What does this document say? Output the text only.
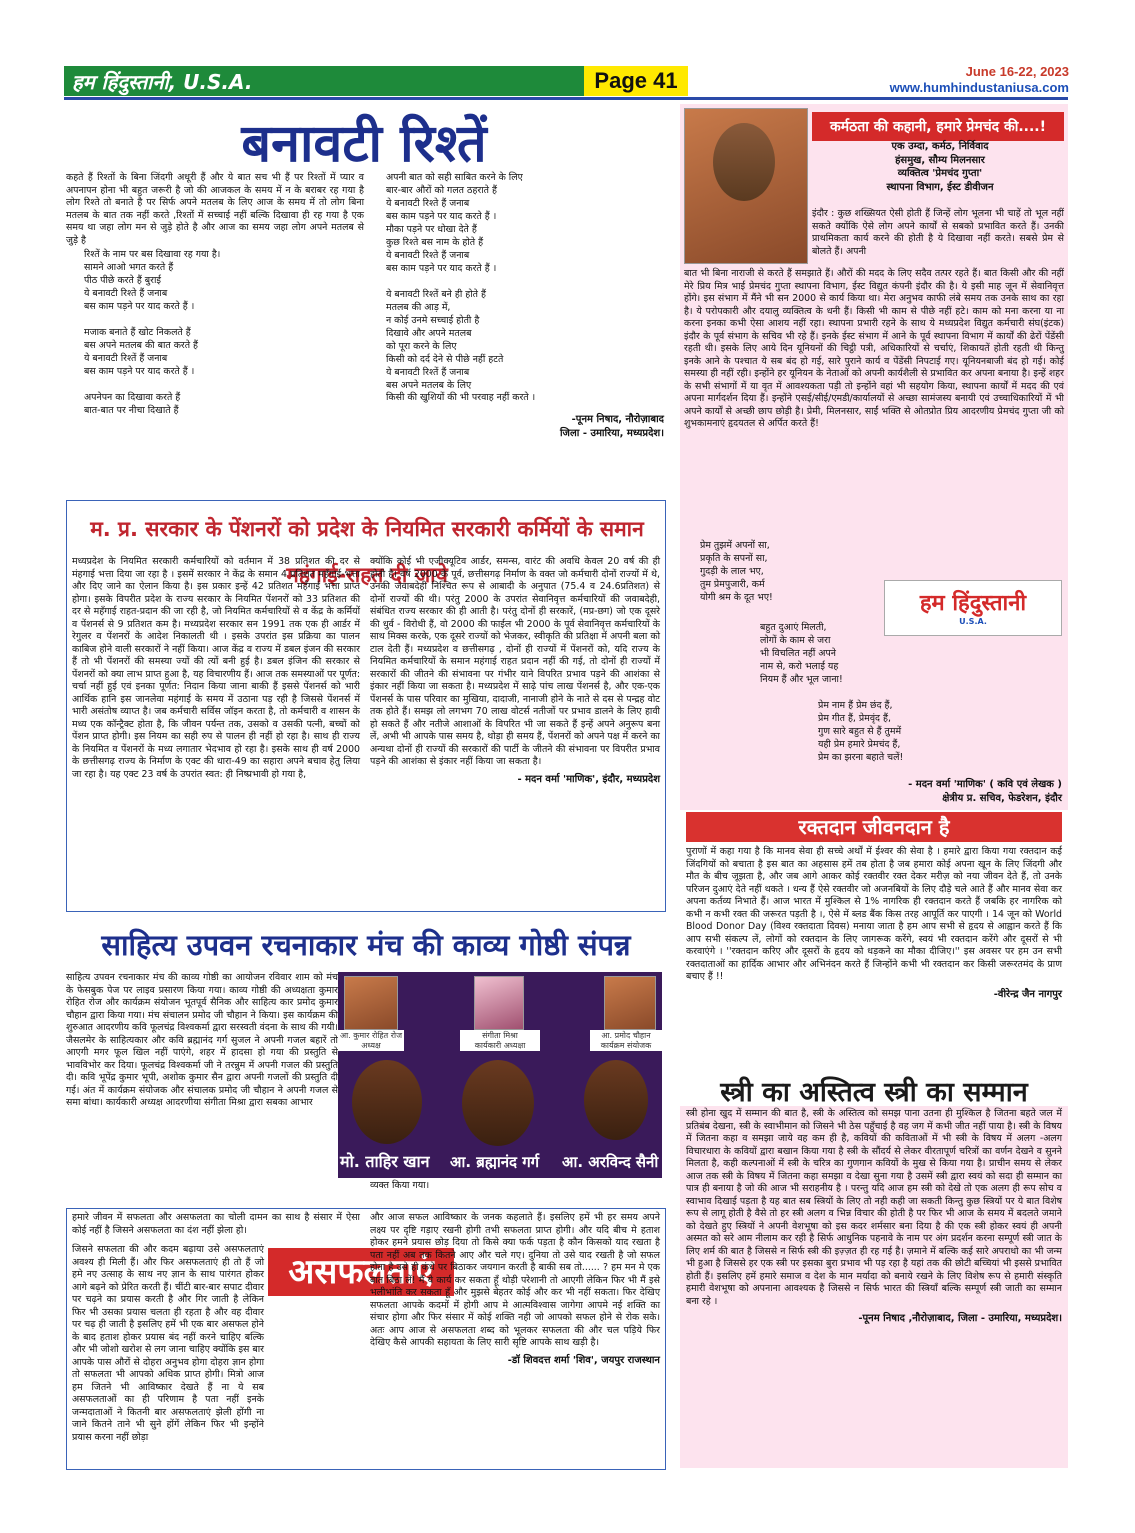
हम हिंदुस्तानी, U.S.A.	Page 41	June 16-22, 2023
www.humhindustaniusa.com
बनावटी रिश्तें

कहते हैं रिश्तों के बिना जिंदगी अधूरी हैं और ये बात सच भी हैं पर रिश्तों में प्यार व अपनापन होना भी बहुत जरूरी है जो की आजकल के समय में न के बराबर रह गया है लोग रिश्ते तो बनाते है पर सिर्फ अपने मतलब के लिए आज के समय में तो लोग बिना मतलब के बात तक नहीं करते ,रिश्तों में सच्चाई नहीं बल्कि दिखावा ही रह गया है एक समय था जहा लोग मन से जुड़े होते है और आज का समय जहा लोग अपने मतलब से जुड़े है

रिश्तें के नाम पर बस दिखावा रह गया है।
सामने आओ भगत करते हैं
पीठ पीछे करते हैं बुराई
ये बनावटी रिश्ते हैं जनाब
बस काम पड़ने पर याद करते हैं ।

मजाक बनाते हैं खोट निकलते हैं
बस अपने मतलब की बात करते हैं
ये बनावटी रिश्तें हैं जनाब
बस काम पड़ने पर याद करते हैं ।

अपनेपन का दिखावा करते हैं
बात-बात पर नीचा दिखाते हैं
अपनी बात को सही साबित करने के लिए
बार-बार औरों को गलत ठहराते हैं
ये बनावटी रिश्ते हैं जनाब
बस काम पड़ने पर याद करते हैं ।
मौका पड़ने पर धोखा देते हैं
कुछ रिश्ते बस नाम के होते हैं
ये बनावटी रिश्ते हैं जनाब
बस काम पड़ने पर याद करते हैं ।

ये बनावटी रिश्तें बने ही होते हैं
मतलब की आड़ में,
न कोई उनमे सच्चाई होती है
दिखावे और अपने मतलब
को पूरा करने के लिए
किसी को दर्द देने से पीछे नहीं हटते
ये बनावटी रिश्तें हैं जनाब
बस अपने मतलब के लिए
किसी की खुशियों की भी परवाह नहीं करते ।
-पूनम निषाद, नौरोज़ाबाद
जिला - उमारिया, मध्यप्रदेश।
म. प्र. सरकार के पेंशनरों को प्रदेश के नियमित सरकारी कर्मियों के समान महंगाई-राहत दी जाये

मध्यप्रदेश के नियमित सरकारी कर्मचारियों को वर्तमान में 38 प्रतिशत की दर से मंहगाई भत्ता दिया जा रहा है । इसमें सरकार ने केंद्र के समान 4 प्रतिशत महँगाई-भत्ता और दिए जाने का ऐलान किया है। इस प्रकार इन्हें 42 प्रतिशत महँगाई भत्ता प्राप्त होगा। इसके विपरीत प्रदेश के राज्य सरकार के नियमित पेंशनरों को 33 प्रतिशत की दर से महँगाई राहत-प्रदान की जा रही है, जो नियमित कर्मचारियों से व केंद्र के कर्मियों व पेंशनर्स से 9 प्रतिशत कम है। मध्यप्रदेश सरकार सन 1991 तक एक ही आर्डर में रेगुलर व पेंशनरों के आदेश निकालती थी । इसके उपरांत इस प्रक्रिया का पालन काबिज होने वाली सरकारों ने नहीं किया। आज केंद्र व राज्य में डबल इंजन की सरकार हैं तो भी पेंशनरों की समस्या ज्यों की त्यों बनी हुई है। डबल इंजिन की सरकार से पेंशनरों को क्या लाभ प्राप्त हुआ है, यह विचारणीय हैं। आज तक समस्याओं पर पूर्णत: चर्चा नहीं हुई एवं इनका पूर्णत: निदान किया जाना बाकी हैं इससे पेंशनर्स को भारी आर्थिक हानि इस जानलेवा महंगाई के समय में उठाना पड़ रही है जिससे पेंशनर्स में भारी असंतोष व्याप्त है। जब कर्मचारी सर्विस जॉइन करता है, तो कर्मचारी व शासन के मध्य एक कॉन्ट्रैक्ट होता है, कि जीवन पर्यन्त तक, उसको व उसकी पत्नी, बच्चों को पेंशन प्राप्त होगी। इस नियम का सही रुप से पालन ही नहीं हो रहा है। साथ ही राज्य के नियमित व पेंशनरों के मध्य लगातार भेदभाव हो रहा है। इसके साथ ही वर्ष 2000 के छत्तीसगढ़ राज्य के निर्माण के एक्ट की धारा-49 का सहारा अपने बचाव हेतु लिया जा रहा है। यह एक्ट 23 वर्ष के उपरांत स्वत: ही निष्प्रभावी हो गया है,

क्योंकि कोई भी एजीक्यूटिव आर्डर, समन्स, वारंट की अवधि केवल 20 वर्ष की ही होती है। वर्ष 2000 के पूर्व, छत्तीसगढ़ निर्माण के वक्त जो कर्मचारी दोनों राज्यों में थे, उनकी जवाबदेही निश्चित रूप से आबादी के अनुपात (75.4 व 24.6प्रतिशत) से दोनों राज्यों की थी। परंतु 2000 के उपरांत सेवानिवृत्त कर्मचारियों की जवाबदेही, संबंधित राज्य सरकार की ही आती है। परंतु दोनों ही सरकारें, (मप्र-छग) जो एक दूसरे की धुर्व - विरोधी हैं, वो 2000 की फाईल भी 2000 के पूर्व सेवानिवृत्त कर्मचारियों के साथ मिक्स करके, एक दूसरे राज्यों को भेजकर, स्वीकृति की प्रतिक्षा में अपनी बला को टाल देती हैं। मध्यप्रदेश व छत्तीसगढ़ , दोनों ही राज्यों में पेंशनरों को, यदि राज्य के नियमित कर्मचारियों के समान महंगाई राहत प्रदान नहीं की गई, तो दोनों ही राज्यों में सरकारों की जीतने की संभावना पर गंभीर याने विपरित प्रभाव पड़ने की आशंका से इंकार नहीं किया जा सकता है। मध्यप्रदेश में साढ़े पांच लाख पेंशनर्स है, और एक-एक पेंशनर्स के पास परिवार का मुखिया, दादाजी, नानाजी होने के नाते से दस से पन्द्रह वोट तक होते हैं। समझ लो लगभग 70 लाख वोटर्स नतीजों पर प्रभाव डालने के लिए हावी हो सकते हैं और नतीजे आशाओं के विपरित भी जा सकते हैं इन्हें अपने अनुरूप बना लें, अभी भी आपके पास समय है, थोड़ा ही समय हैं, पेंशनरों को अपने पक्ष में करने का अन्यथा दोनों ही राज्यों की सरकारों की पार्टी के जीतने की संभावना पर विपरीत प्रभाव पड़ने की आशंका से इंकार नहीं किया जा सकता है।

- मदन वर्मा 'माणिक', इंदौर, मध्यप्रदेश
साहित्य उपवन रचनाकार मंच की काव्य गोष्ठी संपन्न

साहित्य उपवन रचनाकार मंच की काव्य गोष्ठी का आयोजन रविवार शाम को मंच के फेसबुक पेज पर लाइव प्रसारण किया गया। काव्य गोष्ठी की अध्यक्षता कुमार रोहित रोज और कार्यक्रम संयोजन भूतपूर्व सैनिक और साहित्य कार प्रमोद कुमार चौहान द्वारा किया गया। मंच संचालन प्रमोद जी चौहान ने किया। इस कार्यक्रम की शुरुआत आदरणीय कवि फूलचंद्र विश्वकर्मा द्वारा सरस्वती वंदना के साथ की गयी। जैसलमेर के साहित्यकार और कवि ब्रह्मानंद गर्ग सुजल ने अपनी गजल बहारें तो आएगी मगर फूल खिल नहीं पाएंगे, शहर में हादसा हो गया की प्रस्तुति से भावविभोर कर दिया। फूलचंद्र विश्वकर्मा जी ने तरन्नुम में अपनी गजल की प्रस्तुति दी। कवि भूपेंद्र कुमार भूपी, अशोक कुमार सैन द्वारा अपनी गजलों की प्रस्तुति दी गई। अंत में कार्यक्रम संयोजक और संचालक प्रमोद जी चौहान ने अपनी गजल से समा बांधा। कार्यकारी अध्यक्ष आदरणीया संगीता मिश्रा द्वारा सबका आभार

व्यक्त किया गया।

आ. कुमार रोहित रोज
अध्यक्ष
संगीता मिश्रा
कार्यकारी अध्यक्षा
आ. प्रमोद चौहान
कार्यक्रम संयोजक
मो. ताहिर खान आ. ब्रह्मानंद गर्ग आ. अरविन्द सैनी

हमारे जीवन में सफलता और असफलता का चोली दामन का साथ है संसार में ऐसा कोई नहीं है जिसने असफलता का दंश नहीं झेला हो।

जिसने सफलता की और कदम बढ़ाया उसे असफलताएं अवश्य ही मिली हैं। और फिर असफलताएं ही तो हैं जो हमे नए उत्साह के साथ नए ज्ञान के साथ पारंगत होकर आगे बढ़ने को प्रेरित करती हैं। चींटी बार-बार सपाट दीवार पर चढ़ने का प्रयास करती है और गिर जाती है लेकिन फिर भी उसका प्रयास चलता ही रहता है और वह दीवार पर चढ़ ही जाती है इसलिए हमें भी एक बार असफल होने के बाद हताश होकर प्रयास बंद नहीं करने चाहिए बल्कि और भी जोशो खरोश से लग जाना चाहिए क्योंकि इस बार आपके पास औरों से दोहरा अनुभव होगा दोहरा ज्ञान होगा तो सफलता भी आपको अधिक प्राप्त होगी। मित्रो आज हम जितने भी आविष्कार देखते हैं ना ये सब असफलताओं का ही परिणाम है पता नहीं इनके जन्मदाताओं ने कितनी बार असफलताएं झेली होंगी ना जाने कितने ताने भी सुने होंगें लेकिन फिर भी इन्होंने प्रयास करना नहीं छोड़ा

असफलताएं

और आज सफल आविष्कार के जनक कहलाते हैं। इसलिए हमें भी हर समय अपने लक्ष्य पर दृष्टि गड़ाए रखनी होगी तभी सफलता प्राप्त होगी। और यदि बीच मे हताश होकर हमने प्रयास छोड़ दिया तो किसे क्या फर्क पड़ता है कौन किसको याद रखता है पता नहीं अब तक कितने आए और चले गए। दुनिया तो उसे याद रखती है जो सफल होता है उसे ही कंधे पर बिठाकर जयगान करती है बाकी सब तो...... ? हम मन मे एक बात बिठा लें! मैं ये कार्य कर सकता हूँ थोड़ी परेशानी तो आएगी लेकिन फिर भी मैं इसे भलीभांति कर सकता हूँ और मुझसे बेहतर कोई और कर भी नहीं सकता। फिर देखिए सफलता आपके कदमों में होगी आप मे आत्मविश्वास जागेगा आपमे नई शक्ति का संचार होगा और फिर संसार में कोई शक्ति नही जो आपको सफल होने से रोक सके। अतः आप आज से असफलता शब्द को भूलकर सफलता की और चल पड़िये फिर देखिए कैसे आपकी सहायता के लिए सारी सृष्टि आपके साथ खड़ी है।

-डॉ शिवदत्त शर्मा 'शिव', जयपुर राजस्थान
कर्मठता की कहानी, हमारे प्रेमचंद की....!
एक उम्दा, कर्मठ, निर्विवाद
हंसमुख, सौम्य मिलनसार
व्यक्तित्व 'प्रेमचंद गुप्ता'
स्थापना विभाग, ईस्ट डीवीजन

इंदौर : कुछ शख्सियत ऐसी होती हैं जिन्हें लोग भूलना भी चाहें तो भूल नहीं सकते क्योंकि ऐसे लोग अपने कार्यों से सबको प्रभावित करते हैं। उनकी प्राथमिकता कार्य करने की होती है ये दिखावा नहीं करते। सबसे प्रेम से बोलते हैं। अपनी

बात भी बिना नाराजी से करते हैं समझाते हैं। औरों की मदद के लिए सदैव तत्पर रहते हैं। बात किसी और की नहीं मेरे प्रिय मित्र भाई प्रेमचंद गुप्ता स्थापना विभाग, ईस्ट विद्युत कंपनी इंदौर की है। ये इसी माह जून में सेवानिवृत्त होंगे। इस संभाग में मैंने भी सन 2000 से कार्य किया था। मेरा अनुभव काफी लंबे समय तक उनके साथ का रहा है। ये परोपकारी और दयालु व्यक्तित्व के धनी हैं। किसी भी काम से पीछे नहीं हटे। काम को मना करना या ना करना इनका कभी ऐसा आशय नहीं रहा। स्थापना प्रभारी रहने के साथ ये मध्यप्रदेश विद्युत कर्मचारी संघ(इंटक) इंदौर के पूर्व संभाग के सचिव भी रहे हैं। इनके ईस्ट संभाग में आने के पूर्व स्थापना विभाग में कार्यों की ढेरों पेंडेंसी रहती थी। इसके लिए आये दिन यूनियनों की चिट्ठी पत्री, अधिकारियों से चर्चाएं, शिकायतें होती रहती थी किन्तु इनके आने के पश्चात ये सब बंद हो गई, सारे पुराने कार्य व पेंडेंसी निपटाई गए। यूनियनबाजी बंद हो गई। कोई समस्या ही नहीं रही। इन्होंने हर यूनियन के नेताओं को अपनी कार्यशैली से प्रभावित कर अपना बनाया है। इन्हें शहर के सभी संभागों में या वृत में आवश्यकता पड़ी तो इन्होंने वहां भी सहयोग किया, स्थापना कार्यों में मदद की एवं अपना मार्गदर्शन दिया हैं। इन्होंने एसई/सीई/एमडी/कार्यालयों से अच्छा सामंजस्य बनायी एवं उच्चाधिकारियों में भी अपने कार्यों से अच्छी छाप छोड़ी है। प्रेमी, मिलनसार, साईं भक्ति से ओतप्रोत प्रिय आदरणीय प्रेमचंद गुप्ता जी को शुभकामनाएं हृदयतल से अर्पित करते हैं!

प्रेम तुझमें अपनों सा,
प्रकृति के सपनों सा,
गुदड़ी के लाल भए,
तुम प्रेमपुजारी, कर्म
योगी श्रम के दूत भए!
बहुत दुआएं मिलती,
लोगों के काम से जरा
भी विचलित नहीं अपने
नाम से, करो भलाई यह
नियम हैं और भूल जाना!
प्रेम नाम हैं प्रेम छंद हैं,
प्रेम गीत हैं, प्रेमवृंद हैं,
गुण सारे बहुत से हैं तुममें
यही प्रेम हमारे प्रेमचंद हैं,
प्रेम का झरना बहाते चलें!
- मदन वर्मा 'माणिक' ( कवि एवं लेखक )
क्षेत्रीय प्र. सचिव, फेडरेशन, इंदौर
हम हिंदुस्तानी
U.S.A.
रक्तदान जीवनदान है

पुराणों में कहा गया है कि मानव सेवा ही सच्चे अर्थों में ईश्वर की सेवा है । हमारे द्वारा किया गया रक्तदान कई जिंदगियों को बचाता है इस बात का अहसास हमें तब होता है जब हमारा कोई अपना खून के लिए जिंदगी और मौत के बीच जूझता है, और जब आगे आकर कोई रक्तवीर रक्त देकर मरीज़ को नया जीवन देते हैं, तो उनके परिजन दुआएं देते नहीं थकते । धन्य हैं ऐसे रक्तवीर जो अजनबियों के लिए दौड़े चले आते हैं और मानव सेवा कर अपना कर्तव्य निभाते हैं। आज भारत में मुश्किल से 1% नागरिक ही रक्तदान करते हैं जबकि हर नागरिक को कभी न कभी रक्त की जरूरत पड़ती है ।, ऐसे में ब्लड बैंक किस तरह आपूर्ति कर पाएगी । 14 जून को World Blood Donor Day (विश्व रक्तदाता दिवस) मनाया जाता है हम आप सभी से हृदय से आह्वान करते हैं कि आप सभी संकल्प लें, लोगों को रक्तदान के लिए जागरूक करेंगे, स्वयं भी रक्तदान करेंगे और दूसरों से भी करवाएंगे । ''रक्तदान करिए और दूसरों के हृदय को धड़कने का मौका दीजिए।'' इस अवसर पर हम उन सभी रक्तदाताओं का हार्दिक आभार और अभिनंदन करते हैं जिन्होंने कभी भी रक्तदान कर किसी जरूरतमंद के प्राण बचाए हैं !!

-वीरेन्द्र जैन नागपुर
स्त्री का अस्तित्व स्त्री का सम्मान

स्त्री होना खुद में सम्मान की बात है, स्त्री के अस्तित्व को समझ पाना उतना ही मुश्किल है जितना बहते जल में प्रतिबंब देखना, स्त्री के स्वाभीमान को जिसने भी ठेस पहुँचाई है वह जग में कभी जीत नहीं पाया है। स्त्री के विषय में जितना कहा व समझा जाये वह कम ही है, कवियों की कविताओं में भी स्त्री के विषय में अलग -अलग विचारधारा के कवियों द्वारा बखान किया गया है स्त्री के सौंदर्य से लेकर वीरतापूर्ण चरित्रों का वर्णन देखने व सुनने मिलता है, कही कल्पनाओं में स्त्री के चरित्र का गुणगान कवियों के मुख से किया गया है। प्राचीन समय से लेकर आज तक स्त्री के विषय में जितना कहा समझा व देखा सुना गया है उसमें स्त्री द्वारा स्वयं को सदा ही सम्मान का पात्र ही बनाया है जो की आज भी सराहनीय है । परन्तु यदि आज हम स्त्री को देखे तो एक अलग ही रूप सोच व स्वाभाव दिखाई पड़ता है यह बात सब स्त्रियों के लिए तो नही कही जा सकती किन्तु कुछ स्त्रियों पर ये बात विशेष रूप से लागू होती है वैसे तो हर स्त्री अलग व भिन्न विचार की होती है पर फिर भी आज के समय में बदलते जमाने को देखते हुए स्त्रियों ने अपनी वेशभूषा को इस कदर शर्मसार बना दिया है की एक स्त्री होकर स्वयं ही अपनी अस्मत को सरे आम नीलाम कर रही है सिर्फ आधुनिक पहनावे के नाम पर अंग प्रदर्शन करना सम्पूर्ण स्त्री जात के लिए शर्म की बात है जिससे न सिर्फ स्त्री की इज़्ज़त ही रह गई है। ज़माने में बल्कि कई सारे अपराधो का भी जन्म भी हुआ है जिससे हर एक स्त्री पर इसका बुरा प्रभाव भी पड़ रहा है यहां तक की छोटी बच्चियां भी इससे प्रभावित होती हैं। इसलिए हमें हमारे समाज व देश के मान मर्यादा को बनाये रखने के लिए विशेष रूप से हमारी संस्कृति हमारी वेशभूषा को अपनाना आवश्यक है जिससे न सिर्फ भारत की स्त्रियाँ बल्कि सम्पूर्ण स्त्री जाती का सम्मान बना रहे ।

-पूनम निषाद ,नौरोज़ाबाद, जिला - उमारिया, मध्यप्रदेश।
